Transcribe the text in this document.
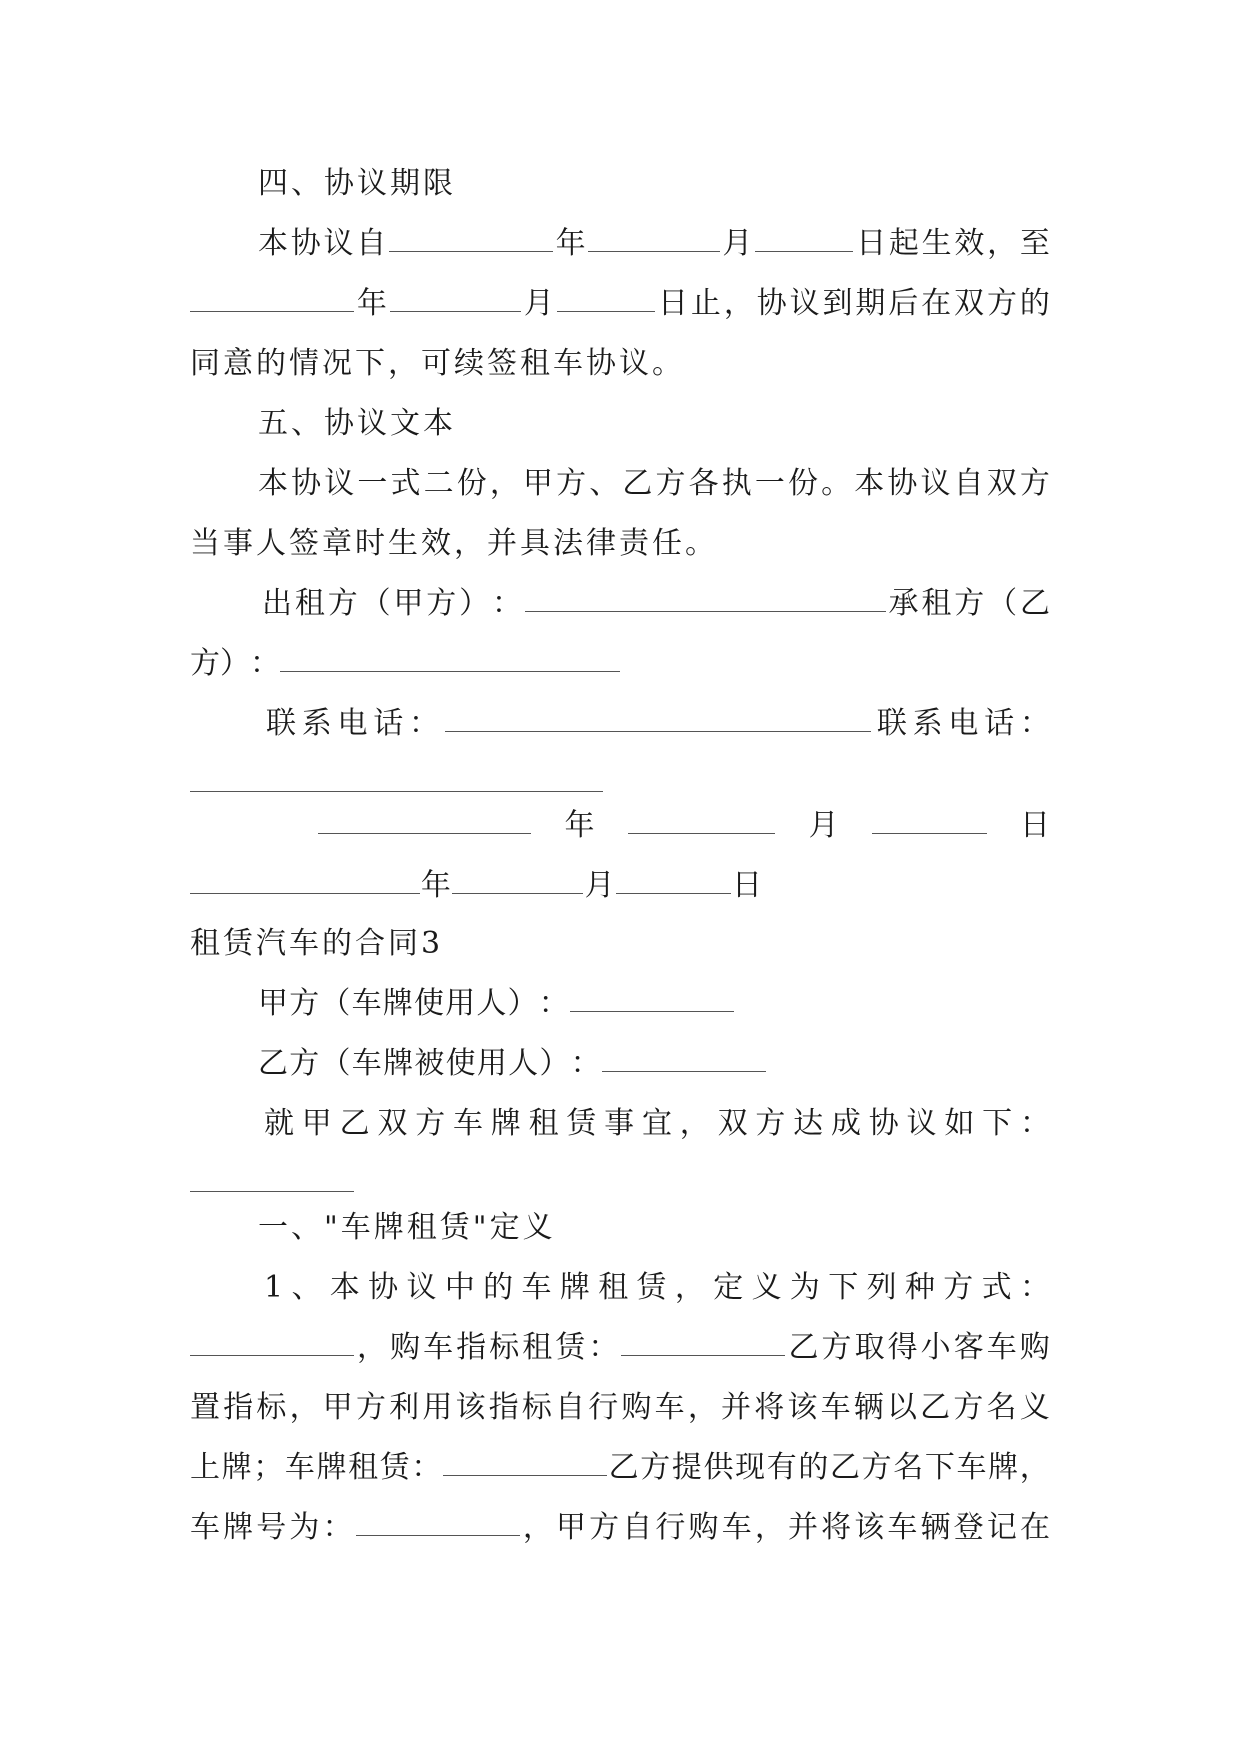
四、协议期限
本 协 议 自	年	月	日 起 生 效 ， 至
年	月	日 止 ， 协 议 到 期 后 在 双 方 的
同意的情况下，可续签租车协议。
五、协议文本
本 协 议 一 式 二 份 ， 甲 方 、 乙 方 各 执 一 份 。 本 协 议 自 双 方
当事人签章时生效，并具法律责任。
出 租 方 （ 甲 方 ） ：	承 租 方 （ 乙
方 ） ：
联 系 电 话 ：	联 系 电 话 ：
年	月	日
年	月	日
租赁汽车的合同3
甲 方 （ 车 牌 使 用 人 ） ：
乙 方 （ 车 牌 被 使 用 人 ） ：
就 甲 乙 双 方 车 牌 租 赁 事 宜 ， 双 方 达 成 协 议 如 下 ：
一、"车牌租赁"定义
1 、 本 协 议 中 的 车 牌 租 赁 ， 定 义 为 下 列 种 方 式 ：
， 购 车 指 标 租 赁 ：	乙 方 取 得 小 客 车 购
置 指 标 ， 甲 方 利 用 该 指 标 自 行 购 车 ， 并 将 该 车 辆 以 乙 方 名 义
上 牌 ； 车 牌 租 赁 ：	乙 方 提 供 现 有 的 乙 方 名 下 车 牌 ，
车 牌 号 为 ：	， 甲 方 自 行 购 车 ， 并 将 该 车 辆 登 记 在
